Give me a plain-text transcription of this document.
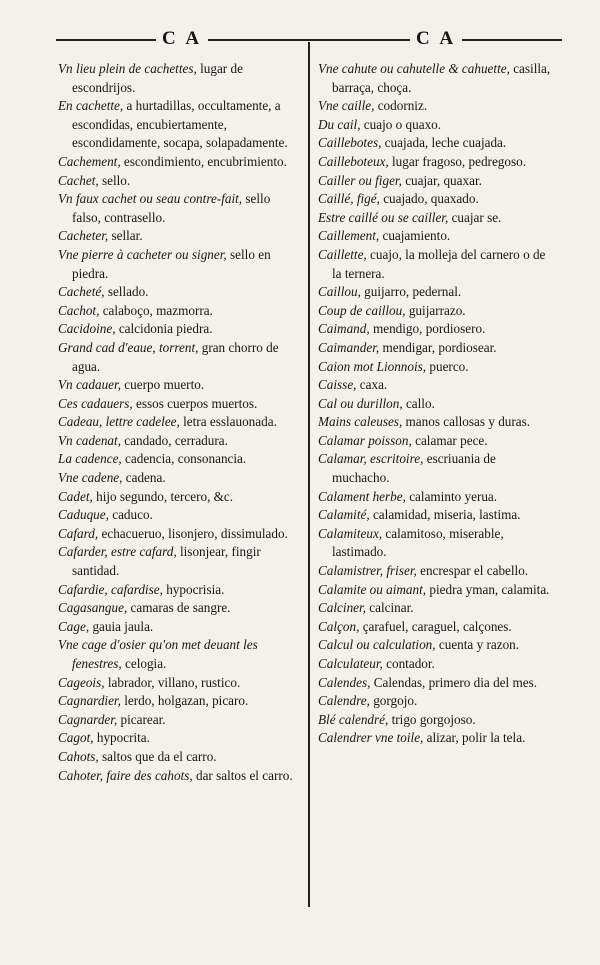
C A	C A
Vn lieu plein de cachettes, lugar de escondrijos.
En cachette, a hurtadillas, occultamente, a escondidas, encubiertamente, escondidamente, socapa, solapadamente.
Cachement, escondimiento, encubrimiento.
Cachet, sello.
Vn faux cachet ou seau contre-fait, sello falso, contrasello.
Cacheter, sellar.
Vne pierre à cacheter ou signer, sello en piedra.
Cacheté, sellado.
Cachot, calaboço, mazmorra.
Cacidoine, calcidonia piedra.
Grand cad d'eaue, torrent, gran chorro de agua.
Vn cadauer, cuerpo muerto.
Ces cadauers, essos cuerpos muertos.
Cadeau, lettre cadelee, letra esslauonada.
Vn cadenat, candado, cerradura.
La cadence, cadencia, consonancia.
Vne cadene, cadena.
Cadet, hijo segundo, tercero, &c.
Caduque, caduco.
Cafard, echacueruo, lisonjero, dissimulado.
Cafarder, estre cafard, lisonjear, fingir santidad.
Cafardie, cafardise, hypocrisia.
Cagasangue, camaras de sangre.
Cage, gauia jaula.
Vne cage d'osier qu'on met deuant les fenestres, celogia.
Cageois, labrador, villano, rustico.
Cagnardier, lerdo, holgazan, picaro.
Cagnarder, picarear.
Cagot, hypocrita.
Cahots, saltos que da el carro.
Cahoter, faire des cahots, dar saltos el carro.
Vne cahute ou cahutelle & cahuette, casilla, barraça, choça.
Vne caille, codorniz.
Du cail, cuajo o quaxo.
Caillebotes, cuajada, leche cuajada.
Cailleboteux, lugar fragoso, pedregoso.
Cailler ou figer, cuajar, quaxar.
Caillé, figé, cuajado, quaxado.
Estre caillé ou se cailler, cuajar se.
Caillement, cuajamiento.
Caillette, cuajo, la molleja del carnero o de la ternera.
Caillou, guijarro, pedernal.
Coup de caillou, guijarrazo.
Caimand, mendigo, pordiosero.
Caimander, mendigar, pordiosear.
Caion mot Lionnois, puerco.
Caisse, caxa.
Cal ou durillon, callo.
Mains caleuses, manos callosas y duras.
Calamar poisson, calamar pece.
Calamar, escritoire, escriuania de muchacho.
Calament herbe, calaminto yerua.
Calamité, calamidad, miseria, lastima.
Calamiteux, calamitoso, miserable, lastimado.
Calamistrer, friser, encrespar el cabello.
Calamite ou aimant, piedra yman, calamita.
Calciner, calcinar.
Calçon, çarafuel, caraguel, calçones.
Calcul ou calculation, cuenta y razon.
Calculateur, contador.
Calendes, Calendas, primero dia del mes.
Calendre, gorgojo.
Blé calendré, trigo gorgojoso.
Calendrer vne toile, alizar, polir la tela.
